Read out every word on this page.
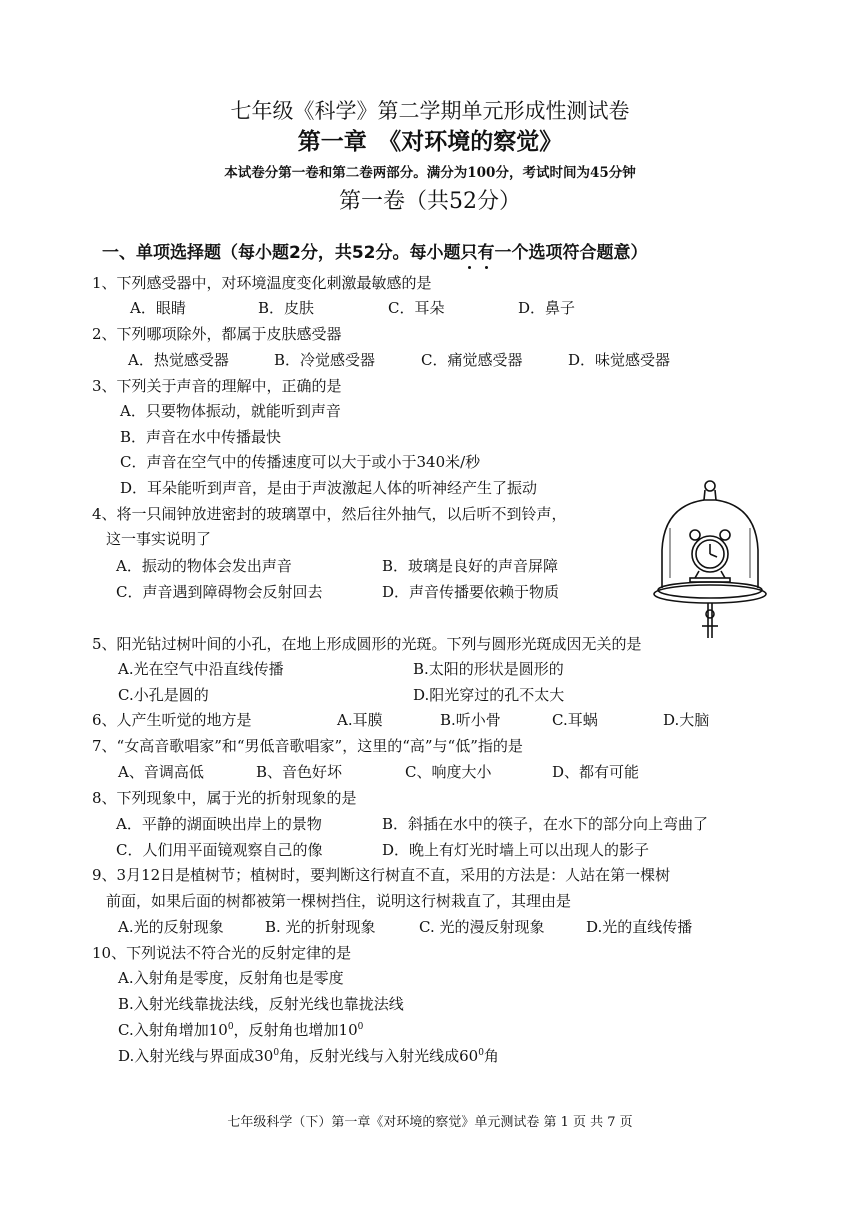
七年级《科学》第二学期单元形成性测试卷
第一章　《对环境的察觉》
本试卷分第一卷和第二卷两部分。满分为100分，考试时间为45分钟
第一卷（共52分）
一、单项选择题（每小题2分，共52分。每小题只有一个选项符合题意）
1、下列感受器中，对环境温度变化刺激最敏感的是
A．眼睛	B．皮肤	C．耳朵	D．鼻子
2、下列哪项除外，都属于皮肤感受器
A．热觉感受器	B．冷觉感受器	C．痛觉感受器	D．味觉感受器
3、下列关于声音的理解中，正确的是
A．只要物体振动，就能听到声音
B．声音在水中传播最快
C．声音在空气中的传播速度可以大于或小于340米/秒
D．耳朵能听到声音，是由于声波激起人体的听神经产生了振动
4、将一只闹钟放进密封的玻璃罩中，然后往外抽气，以后听不到铃声，
这一事实说明了
A．振动的物体会发出声音	B．玻璃是良好的声音屏障
C．声音遇到障碍物会反射回去	D．声音传播要依赖于物质
5、阳光钻过树叶间的小孔，在地上形成圆形的光斑。下列与圆形光斑成因无关的是
A.光在空气中沿直线传播	B.太阳的形状是圆形的
C.小孔是圆的	D.阳光穿过的孔不太大
6、人产生听觉的地方是	A.耳膜	B.听小骨	C.耳蜗	D.大脑
7、“女高音歌唱家”和“男低音歌唱家”，这里的“高”与“低”指的是
A、音调高低	B、音色好坏	C、响度大小	D、都有可能
8、下列现象中，属于光的折射现象的是
A．平静的湖面映出岸上的景物	B．斜插在水中的筷子，在水下的部分向上弯曲了
C．人们用平面镜观察自己的像	D．晚上有灯光时墙上可以出现人的影子
9、3月12日是植树节；植树时，要判断这行树直不直，采用的方法是：人站在第一棵树
前面，如果后面的树都被第一棵树挡住，说明这行树栽直了，其理由是
A.光的反射现象	B. 光的折射现象	C. 光的漫反射现象	D.光的直线传播
10、下列说法不符合光的反射定律的是
A.入射角是零度，反射角也是零度
B.入射光线靠拢法线，反射光线也靠拢法线
C.入射角增加$10^0$，反射角也增加$10^0$
D.入射光线与界面成$30^0$角，反射光线与入射光线成$60^0$角
七年级科学（下）第一章《对环境的察觉》单元测试卷 第 1 页 共 7 页
